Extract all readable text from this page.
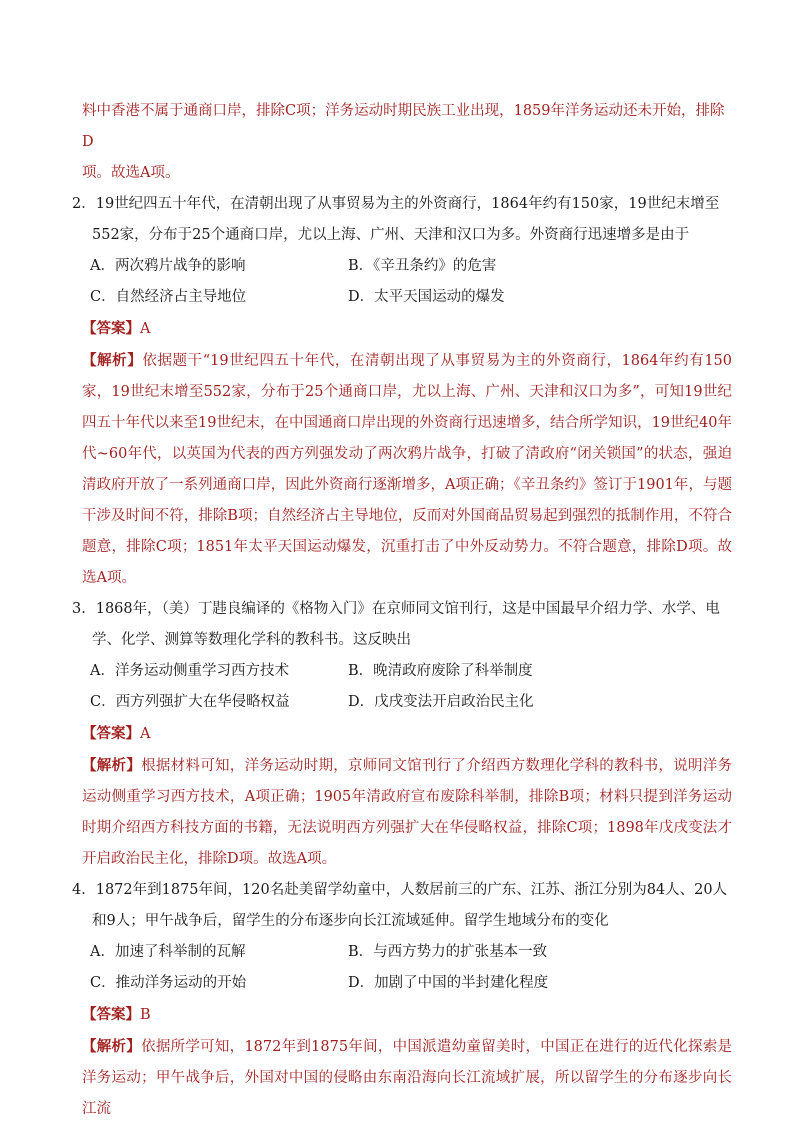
料中香港不属于通商口岸，排除C项；洋务运动时期民族工业出现，1859年洋务运动还未开始，排除D
项。故选A项。

2．19世纪四五十年代，在清朝出现了从事贸易为主的外资商行，1864年约有150家，19世纪末增至552家，分布于25个通商口岸，尤以上海、广州、天津和汉口为多。外资商行迅速增多是由于

A．两次鸦片战争的影响	B．《辛丑条约》的危害
C．自然经济占主导地位	D．太平天国运动的爆发
【答案】A

【解析】依据题干“19世纪四五十年代，在清朝出现了从事贸易为主的外资商行，1864年约有150家，19世纪末增至552家，分布于25个通商口岸，尤以上海、广州、天津和汉口为多”，可知19世纪四五十年代以来至19世纪末，在中国通商口岸出现的外资商行迅速增多，结合所学知识，19世纪40年代~60年代，以英国为代表的西方列强发动了两次鸦片战争，打破了清政府“闭关锁国”的状态，强迫清政府开放了一系列通商口岸，因此外资商行逐渐增多，A项正确；《辛丑条约》签订于1901年，与题干涉及时间不符，排除B项；自然经济占主导地位，反而对外国商品贸易起到强烈的抵制作用，不符合题意，排除C项；1851年太平天国运动爆发，沉重打击了中外反动势力。不符合题意，排除D项。故选A项。

3．1868年，（美）丁韪良编译的《格物入门》在京师同文馆刊行，这是中国最早介绍力学、水学、电学、化学、测算等数理化学科的教科书。这反映出

A．洋务运动侧重学习西方技术	B．晚清政府废除了科举制度
C．西方列强扩大在华侵略权益	D．戊戌变法开启政治民主化
【答案】A

【解析】根据材料可知，洋务运动时期，京师同文馆刊行了介绍西方数理化学科的教科书，说明洋务运动侧重学习西方技术，A项正确；1905年清政府宣布废除科举制，排除B项；材料只提到洋务运动时期介绍西方科技方面的书籍，无法说明西方列强扩大在华侵略权益，排除C项；1898年戊戌变法才开启政治民主化，排除D项。故选A项。

4．1872年到1875年间，120名赴美留学幼童中，人数居前三的广东、江苏、浙江分别为84人、20人和9人；甲午战争后，留学生的分布逐步向长江流域延伸。留学生地域分布的变化

A．加速了科举制的瓦解	B．与西方势力的扩张基本一致
C．推动洋务运动的开始	D．加剧了中国的半封建化程度
【答案】B

【解析】依据所学可知，1872年到1875年间，中国派遣幼童留美时，中国正在进行的近代化探索是洋务运动；甲午战争后，外国对中国的侵略由东南沿海向长江流域扩展，所以留学生的分布逐步向长江流
